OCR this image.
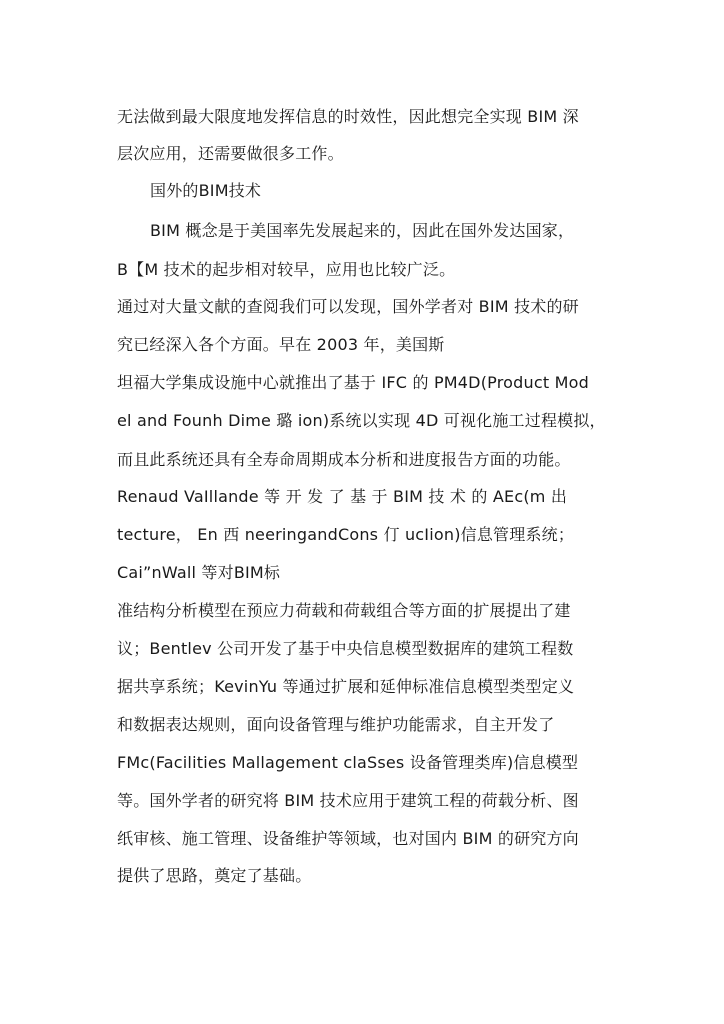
无法做到最大限度地发挥信息的时效性，因此想完全实现 BIM 深
层次应用，还需要做很多工作。
国外的BIM技术
BIM 概念是于美国率先发展起来的，因此在国外发达国家，
B【M 技术的起步相对较早，应用也比较广泛。
通过对大量文献的查阅我们可以发现，国外学者对 BIM 技术的研
究已经深入各个方面。早在 2003 年，美国斯
坦福大学集成设施中心就推出了基于 IFC 的 PM4D(Product Mod
el and Founh Dime 璐 ion)系统以实现 4D 可视化施工过程模拟，
而且此系统还具有全寿命周期成本分析和进度报告方面的功能。
Renaud VaIllande 等 开 发 了 基 于 BIM 技 术 的 AEc(m 出
tecture， En 西 neeringandCons 仃 ucIion)信息管理系统；
Cai”nWall 等对BIM标
准结构分析模型在预应力荷载和荷载组合等方面的扩展提出了建
议；Bentlev 公司开发了基于中央信息模型数据库的建筑工程数
据共享系统；KevinYu 等通过扩展和延伸标准信息模型类型定义
和数据表达规则，面向设备管理与维护功能需求，自主开发了
FMc(Facilities Mallagement claSses 设备管理类库)信息模型
等。国外学者的研究将 BIM 技术应用于建筑工程的荷载分析、图
纸审核、施工管理、设备维护等领域，也对国内 BIM 的研究方向
提供了思路，奠定了基础。
